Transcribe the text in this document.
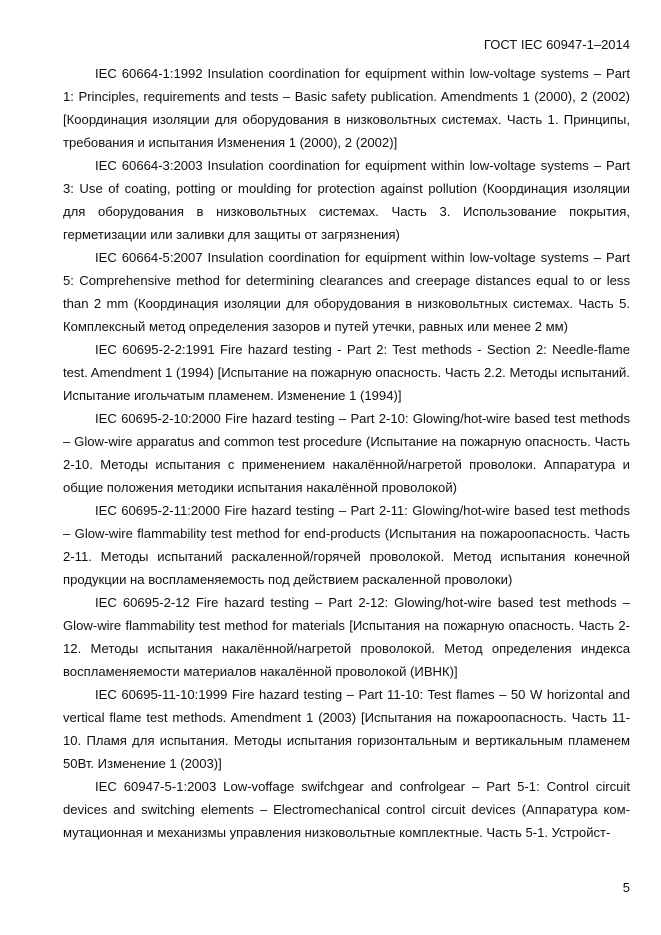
ГОСТ IEC 60947-1–2014

IEC 60664-1:1992 Insulation coordination for equipment within low-voltage systems – Part 1: Principles, requirements and tests – Basic safety publication. Amendments 1 (2000), 2 (2002) [Координация изоляции для оборудования в низковольтных системах. Часть 1. Принципы, требования и испытания Изменения 1 (2000), 2 (2002)]

IEC 60664-3:2003 Insulation coordination for equipment within low-voltage systems – Part 3: Use of coating, potting or moulding for protection against pollution (Координация изоляции для оборудования в низковольтных системах. Часть 3. Использование покрытия, герметизации или заливки для защиты от загрязнения)

IEC 60664-5:2007 Insulation coordination for equipment within low-voltage systems – Part 5: Comprehensive method for determining clearances and creepage distances equal to or less than 2 mm (Координация изоляции для оборудования в низковольтных системах. Часть 5. Комплексный метод определения зазоров и путей утечки, равных или менее 2 мм)

IEC 60695-2-2:1991 Fire hazard testing - Part 2: Test methods - Section 2: Needle-flame test. Amendment 1 (1994) [Испытание на пожарную опасность. Часть 2.2. Методы испытаний. Испытание игольчатым пламенем. Изменение 1 (1994)]

IEC 60695-2-10:2000 Fire hazard testing – Part 2-10: Glowing/hot-wire based test methods – Glow-wire apparatus and common test procedure (Испытание на пожарную опасность. Часть 2-10. Методы испытания с применением накалённой/нагретой проволоки. Аппаратура и общие положения методики испытания накалённой проволокой)

IEC 60695-2-11:2000 Fire hazard testing – Part 2-11: Glowing/hot-wire based test methods – Glow-wire flammability test method for end-products (Испытания на пожароопасность. Часть 2-11. Методы испытаний раскаленной/горячей проволокой. Метод испытания конечной продукции на воспламеняемость под действием раскаленной проволоки)

IEC 60695-2-12 Fire hazard testing – Part 2-12: Glowing/hot-wire based test methods – Glow-wire flammability test method for materials [Испытания на пожарную опасность. Часть 2-12. Методы испытания накалённой/нагретой проволокой. Метод определения индекса воспламеняемости материалов накалённой проволокой (ИВНК)]

IEC 60695-11-10:1999 Fire hazard testing – Part 11-10: Test flames – 50 W horizontal and vertical flame test methods. Amendment 1 (2003) [Испытания на пожароопасность. Часть 11-10. Пламя для испытания. Методы испытания горизонтальным и вертикальным пламенем 50Вт. Изменение 1 (2003)]

IEC 60947-5-1:2003 Low-voffage swifchgear and confrolgear – Part 5-1: Control circuit devices and switching elements – Electromechanical control circuit devices (Аппаратура коммутационная и механизмы управления низковольтные комплектные. Часть 5-1. Устройст-

5
